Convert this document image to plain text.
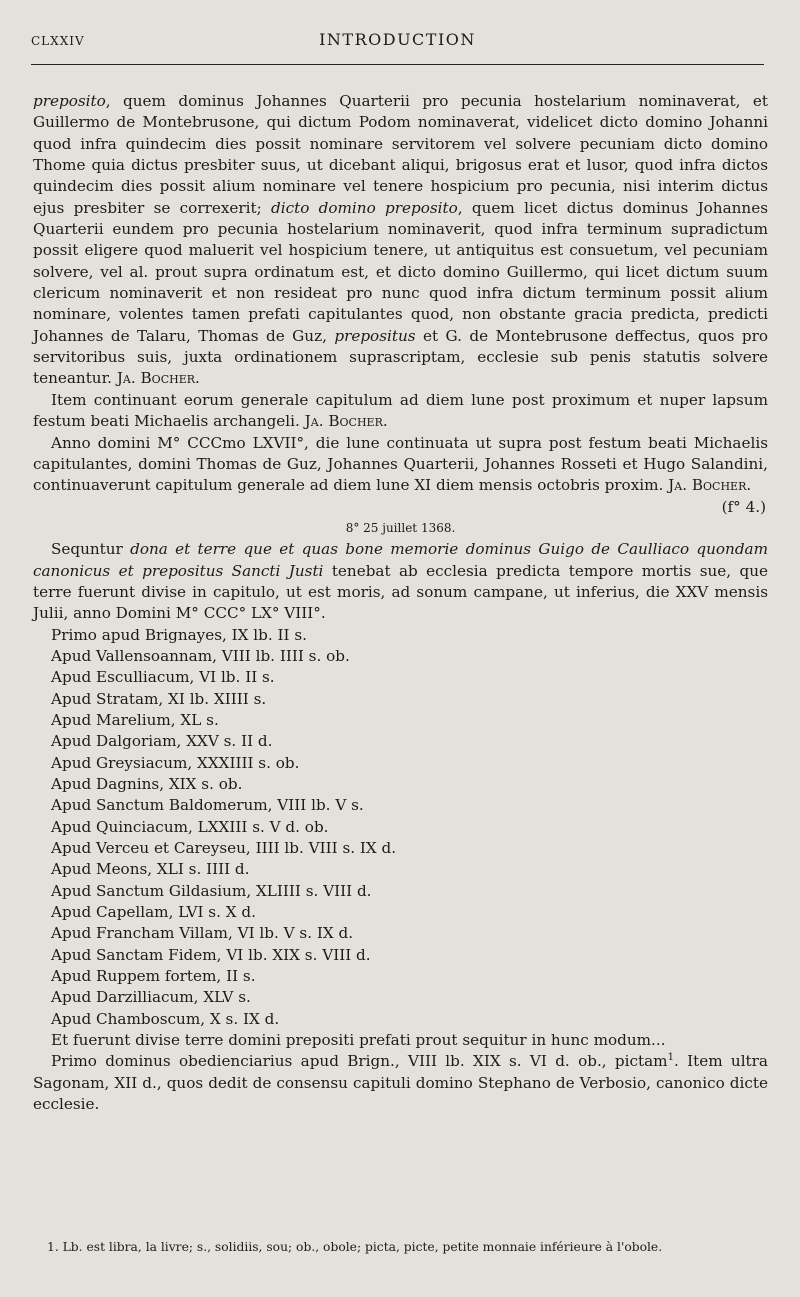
CLXXIV	INTRODUCTION

preposito, quem dominus Johannes Quarterii pro pecunia hostelarium nominaverat, et Guillermo de Montebrusone, qui dictum Podom nominaverat, videlicet dicto domino Johanni quod infra quindecim dies possit nominare servitorem vel solvere pecuniam dicto domino Thome quia dictus presbiter suus, ut dicebant aliqui, brigosus erat et lusor, quod infra dictos quindecim dies possit alium nominare vel tenere hospicium pro pecunia, nisi interim dictus ejus presbiter se correxerit; dicto domino preposito, quem licet dictus dominus Johannes Quarterii eundem pro pecunia hostelarium nominaverit, quod infra terminum supradictum possit eligere quod maluerit vel hospicium tenere, ut antiquitus est consuetum, vel pecuniam solvere, vel al. prout supra ordinatum est, et dicto domino Guillermo, qui licet dictum suum clericum nominaverit et non resideat pro nunc quod infra dictum terminum possit alium nominare, volentes tamen prefati capitulantes quod, non obstante gracia predicta, predicti Johannes de Talaru, Thomas de Guz, prepositus et G. de Montebrusone deffectus, quos pro servitoribus suis, juxta ordinationem suprascriptam, ecclesie sub penis statutis solvere teneantur. Ja. Bocher.

Item continuant eorum generale capitulum ad diem lune post proximum et nuper lapsum festum beati Michaelis archangeli. Ja. Bocher.

Anno domini M° CCCmo LXVII°, die lune continuata ut supra post festum beati Michaelis capitulantes, domini Thomas de Guz, Johannes Quarterii, Johannes Rosseti et Hugo Salandini, continuaverunt capitulum generale ad diem lune XI diem mensis octobris proxim. Ja. Bocher.

(f° 4.)

8° 25 juillet 1368.

Sequntur dona et terre que et quas bone memorie dominus Guigo de Caulliaco quondam canonicus et prepositus Sancti Justi tenebat ab ecclesia predicta tempore mortis sue, que terre fuerunt divise in capitulo, ut est moris, ad sonum campane, ut inferius, die XXV mensis Julii, anno Domini M° CCC° LX° VIII°.

Primo apud Brignayes, IX lb. II s.

Apud Vallensoannam, VIII lb. IIII s. ob.

Apud Esculliacum, VI lb. II s.

Apud Stratam, XI lb. XIIII s.

Apud Marelium, XL s.

Apud Dalgoriam, XXV s. II d.

Apud Greysiacum, XXXIIII s. ob.

Apud Dagnins, XIX s. ob.

Apud Sanctum Baldomerum, VIII lb. V s.

Apud Quinciacum, LXXIII s. V d. ob.

Apud Verceu et Careyseu, IIII lb. VIII s. IX d.

Apud Meons, XLI s. IIII d.

Apud Sanctum Gildasium, XLIIII s. VIII d.

Apud Capellam, LVI s. X d.

Apud Francham Villam, VI lb. V s. IX d.

Apud Sanctam Fidem, VI lb. XIX s. VIII d.

Apud Ruppem fortem, II s.

Apud Darzilliacum, XLV s.

Apud Chamboscum, X s. IX d.

Et fuerunt divise terre domini prepositi prefati prout sequitur in hunc modum...

Primo dominus obedienciarius apud Brign., VIII lb. XIX s. VI d. ob., pictam$^1$. Item ultra Sagonam, XII d., quos dedit de consensu capituli domino Stephano de Verbosio, canonico dicte ecclesie.

1. Lb. est libra, la livre; s., solidiis, sou; ob., obole; picta, picte, petite monnaie inférieure à l'obole.
